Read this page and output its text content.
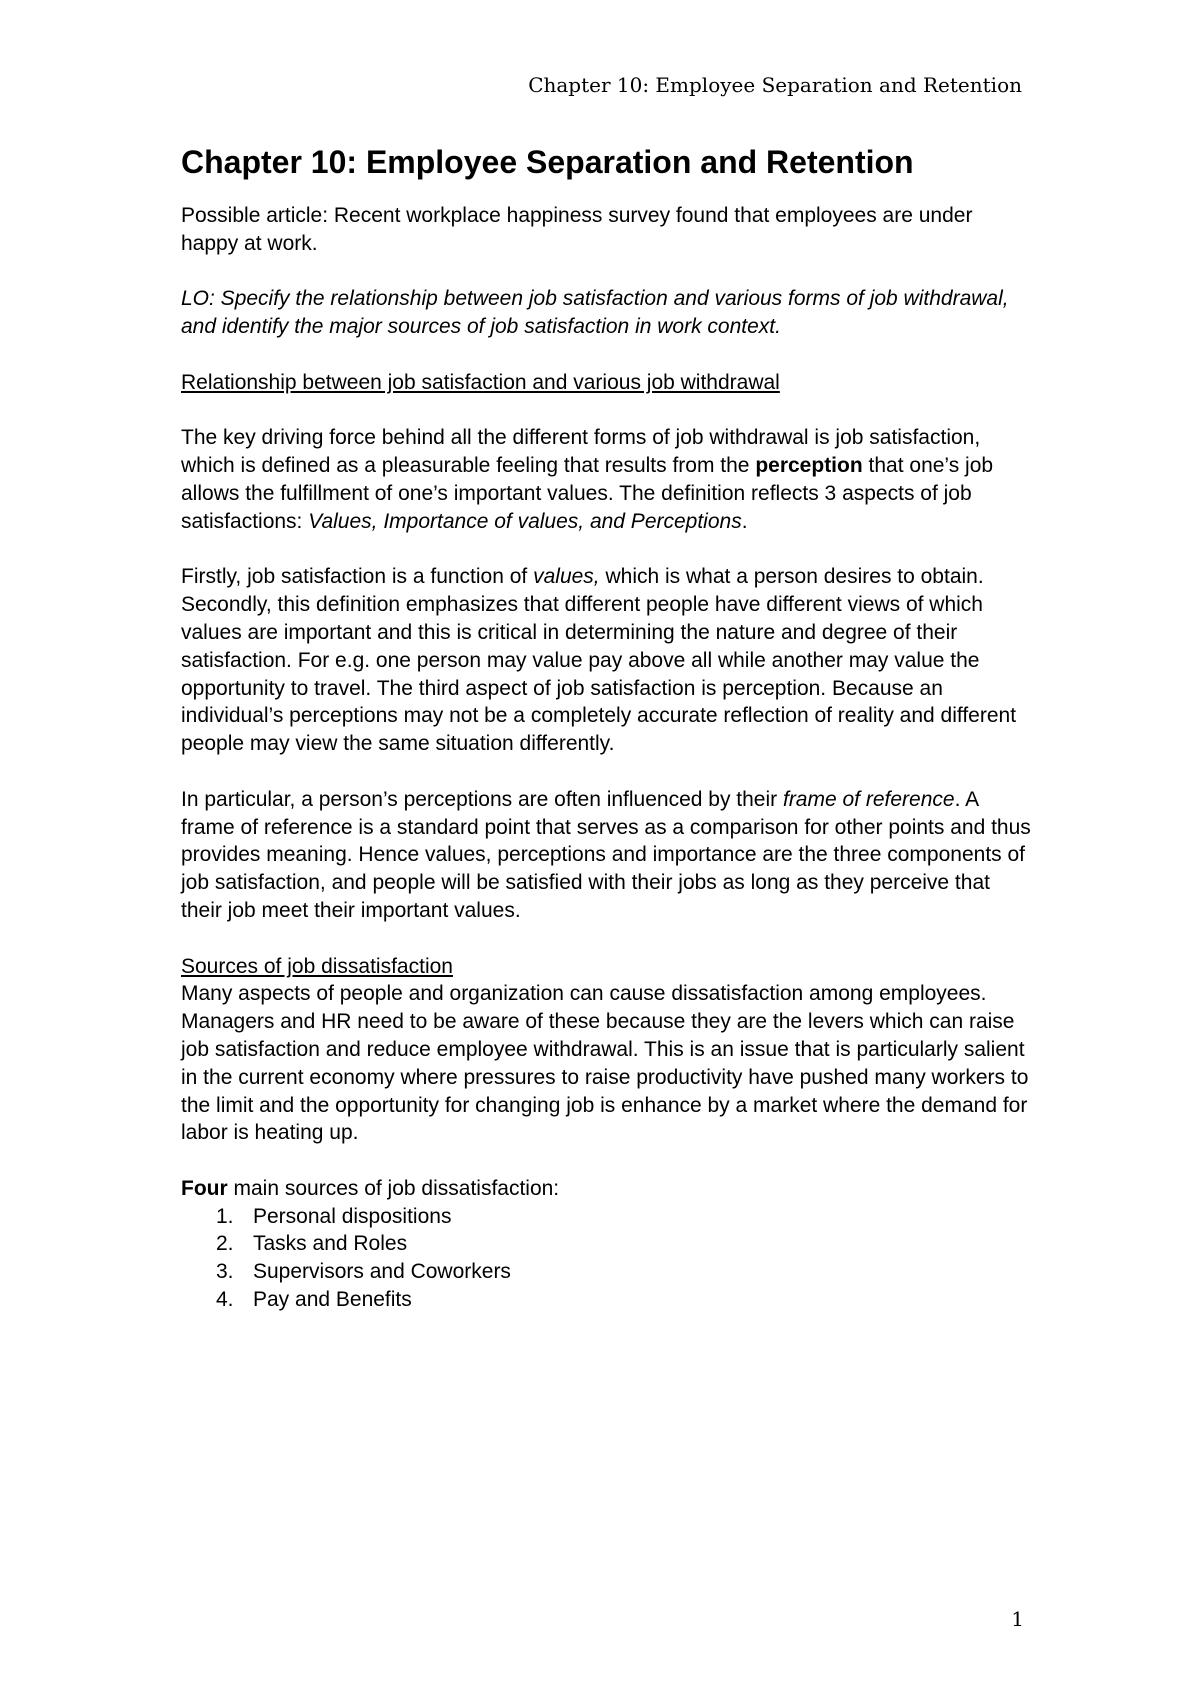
Chapter 10: Employee Separation and Retention
Chapter 10: Employee Separation and Retention

Possible article: Recent workplace happiness survey found that employees are under happy at work.

LO: Specify the relationship between job satisfaction and various forms of job withdrawal, and identify the major sources of job satisfaction in work context.

Relationship between job satisfaction and various job withdrawal

The key driving force behind all the different forms of job withdrawal is job satisfaction, which is defined as a pleasurable feeling that results from the perception that one’s job allows the fulfillment of one’s important values. The definition reflects 3 aspects of job satisfactions: Values, Importance of values, and Perceptions.

Firstly, job satisfaction is a function of values, which is what a person desires to obtain. Secondly, this definition emphasizes that different people have different views of which values are important and this is critical in determining the nature and degree of their satisfaction. For e.g. one person may value pay above all while another may value the opportunity to travel. The third aspect of job satisfaction is perception. Because an individual’s perceptions may not be a completely accurate reflection of reality and different people may view the same situation differently.

In particular, a person’s perceptions are often influenced by their frame of reference. A frame of reference is a standard point that serves as a comparison for other points and thus provides meaning. Hence values, perceptions and importance are the three components of job satisfaction, and people will be satisfied with their jobs as long as they perceive that their job meet their important values.

Sources of job dissatisfaction

Many aspects of people and organization can cause dissatisfaction among employees. Managers and HR need to be aware of these because they are the levers which can raise job satisfaction and reduce employee withdrawal. This is an issue that is particularly salient in the current economy where pressures to raise productivity have pushed many workers to the limit and the opportunity for changing job is enhance by a market where the demand for labor is heating up.

Four main sources of job dissatisfaction:

1. Personal dispositions
2. Tasks and Roles
3. Supervisors and Coworkers
4. Pay and Benefits
1
